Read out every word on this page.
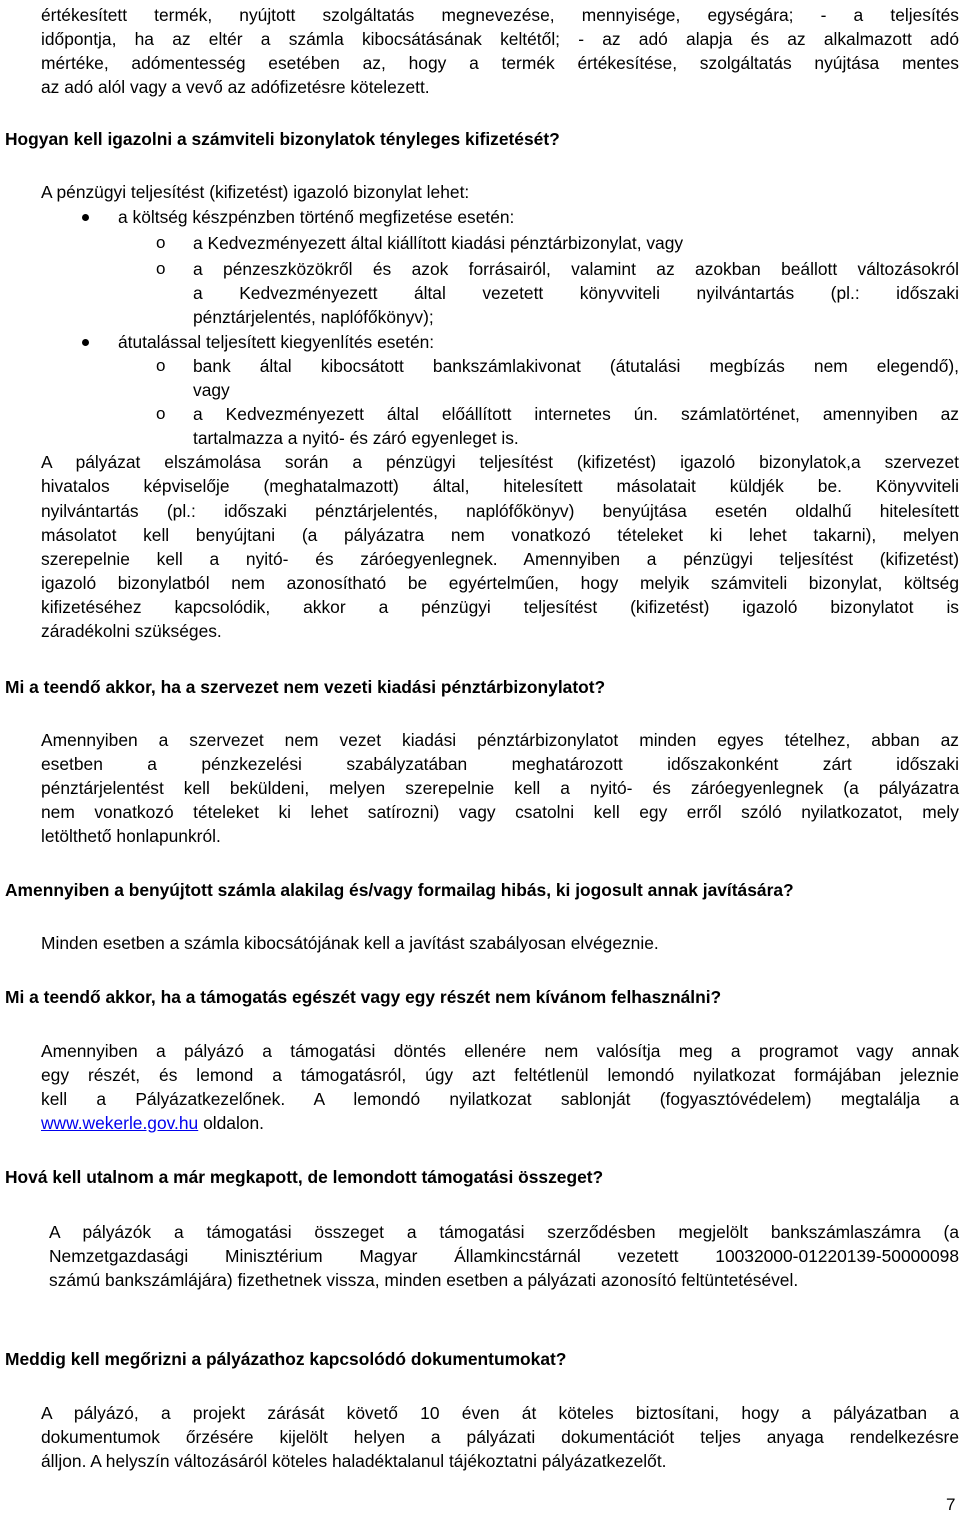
értékesített termék, nyújtott szolgáltatás megnevezése, mennyisége, egységára; - a teljesítés
időpontja, ha az eltér a számla kibocsátásának keltétől; - az adó alapja és az alkalmazott adó
mértéke, adómentesség esetében az, hogy a termék értékesítése, szolgáltatás nyújtása mentes
az adó alól vagy a vevő az adófizetésre kötelezett.
Hogyan kell igazolni a számviteli bizonylatok tényleges kifizetését?
A pénzügyi teljesítést (kifizetést) igazoló bizonylat lehet:
a költség készpénzben történő megfizetése esetén:
o a Kedvezményezett által kiállított kiadási pénztárbizonylat, vagy
o a pénzeszközökről és azok forrásairól, valamint az azokban beállott változásokról
a Kedvezményezett által vezetett könyvviteli nyilvántartás (pl.: időszaki
pénztárjelentés, naplófőkönyv);
átutalással teljesített kiegyenlítés esetén:
o bank által kibocsátott bankszámlakivonat (átutalási megbízás nem elegendő),
vagy
o a Kedvezményezett által előállított internetes ún. számlatörténet, amennyiben az
tartalmazza a nyitó- és záró egyenleget is.
A pályázat elszámolása során a pénzügyi teljesítést (kifizetést) igazoló bizonylatok,a szervezet
hivatalos képviselője (meghatalmazott) által, hitelesített másolatait küldjék be. Könyvviteli
nyilvántartás (pl.: időszaki pénztárjelentés, naplófőkönyv) benyújtása esetén oldalhű hitelesített
másolatot kell benyújtani (a pályázatra nem vonatkozó tételeket ki lehet takarni), melyen
szerepelnie kell a nyitó- és záróegyenlegnek. Amennyiben a pénzügyi teljesítést (kifizetést)
igazoló bizonylatból nem azonosítható be egyértelműen, hogy melyik számviteli bizonylat, költség
kifizetéséhez kapcsolódik, akkor a pénzügyi teljesítést (kifizetést) igazoló bizonylatot is
záradékolni szükséges.
Mi a teendő akkor, ha a szervezet nem vezeti kiadási pénztárbizonylatot?
Amennyiben a szervezet nem vezet kiadási pénztárbizonylatot minden egyes tételhez, abban az
esetben a pénzkezelési szabályzatában meghatározott időszakonként zárt időszaki
pénztárjelentést kell beküldeni, melyen szerepelnie kell a nyitó- és záróegyenlegnek (a pályázatra
nem vonatkozó tételeket ki lehet satírozni) vagy csatolni kell egy erről szóló nyilatkozatot, mely
letölthető honlapunkról.
Amennyiben a benyújtott számla alakilag és/vagy formailag hibás, ki jogosult annak javítására?
Minden esetben a számla kibocsátójának kell a javítást szabályosan elvégeznie.
Mi a teendő akkor, ha a támogatás egészét vagy egy részét nem kívánom felhasználni?
Amennyiben a pályázó a támogatási döntés ellenére nem valósítja meg a programot vagy annak
egy részét, és lemond a támogatásról, úgy azt feltétlenül lemondó nyilatkozat formájában jeleznie
kell a Pályázatkezelőnek. A lemondó nyilatkozat sablonját (fogyasztóvédelem) megtalálja a
www.wekerle.gov.hu oldalon.
Hová kell utalnom a már megkapott, de lemondott támogatási összeget?
A pályázók a támogatási összeget a támogatási szerződésben megjelölt bankszámlaszámra (a
Nemzetgazdasági Minisztérium Magyar Államkincstárnál vezetett 10032000-01220139-50000098
számú bankszámlájára) fizethetnek vissza, minden esetben a pályázati azonosító feltüntetésével.
Meddig kell megőrizni a pályázathoz kapcsolódó dokumentumokat?
A pályázó, a projekt zárását követő 10 éven át köteles biztosítani, hogy a pályázatban a
dokumentumok őrzésére kijelölt helyen a pályázati dokumentációt teljes anyaga rendelkezésre
álljon. A helyszín változásáról köteles haladéktalanul tájékoztatni pályázatkezelőt.
7
